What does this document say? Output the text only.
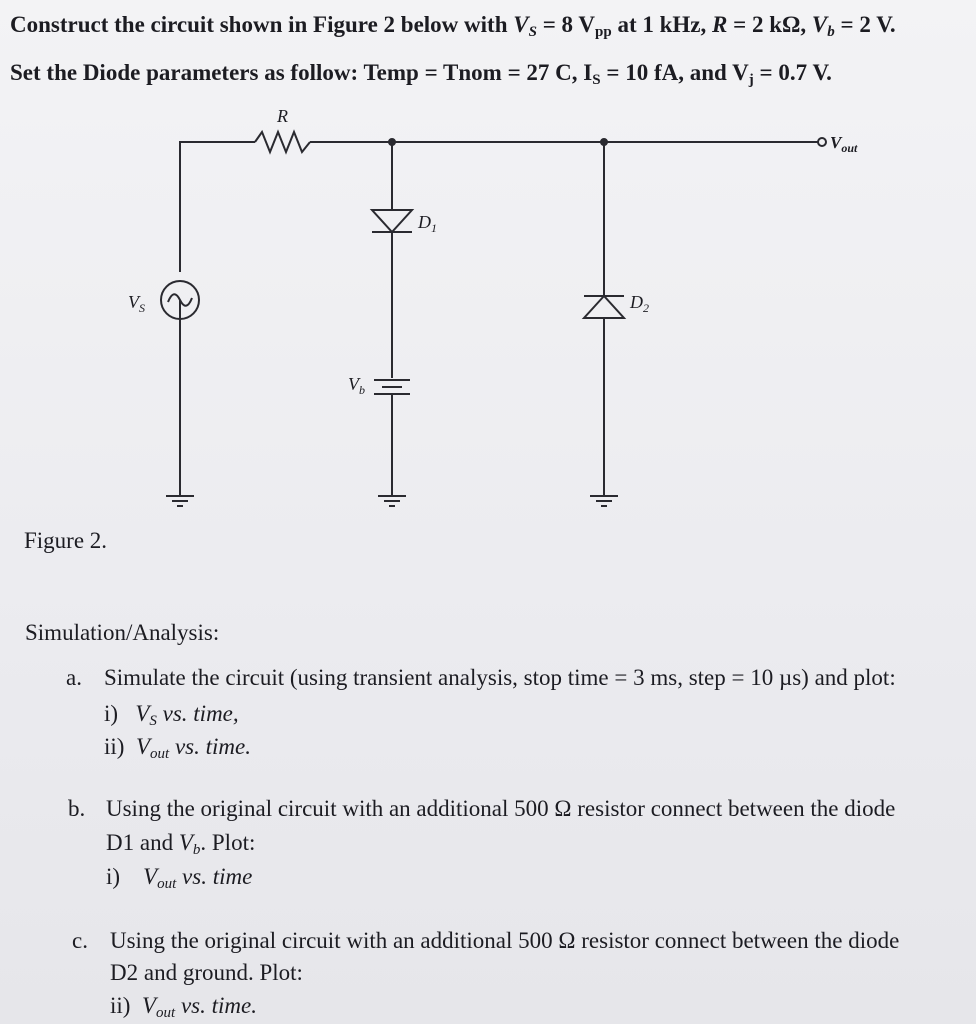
Construct the circuit shown in Figure 2 below with $V_S = 8$ $V_{pp}$ at 1 kHz, R = 2 kΩ, $V_b = 2$ V.
Set the Diode parameters as follow: Temp = Tnom = 27 C, $I_S = 10$ fA, and $V_j = 0.7$ V.
R
$V_{out}$
$D_1$
$V_S$	$D_2$
$V_b$
Figure 2.
Simulation/Analysis:
a. Simulate the circuit (using transient analysis, stop time = 3 ms, step = 10 µs) and plot:
i) $V_S$ vs. time,
ii) $V_{out}$ vs. time.
b. Using the original circuit with an additional 500 Ω resistor connect between the diode
D1 and $V_b$. Plot:
i) $V_{out}$ vs. time
c. Using the original circuit with an additional 500 Ω resistor connect between the diode
D2 and ground. Plot:
ii) $V_{out}$ vs. time.
